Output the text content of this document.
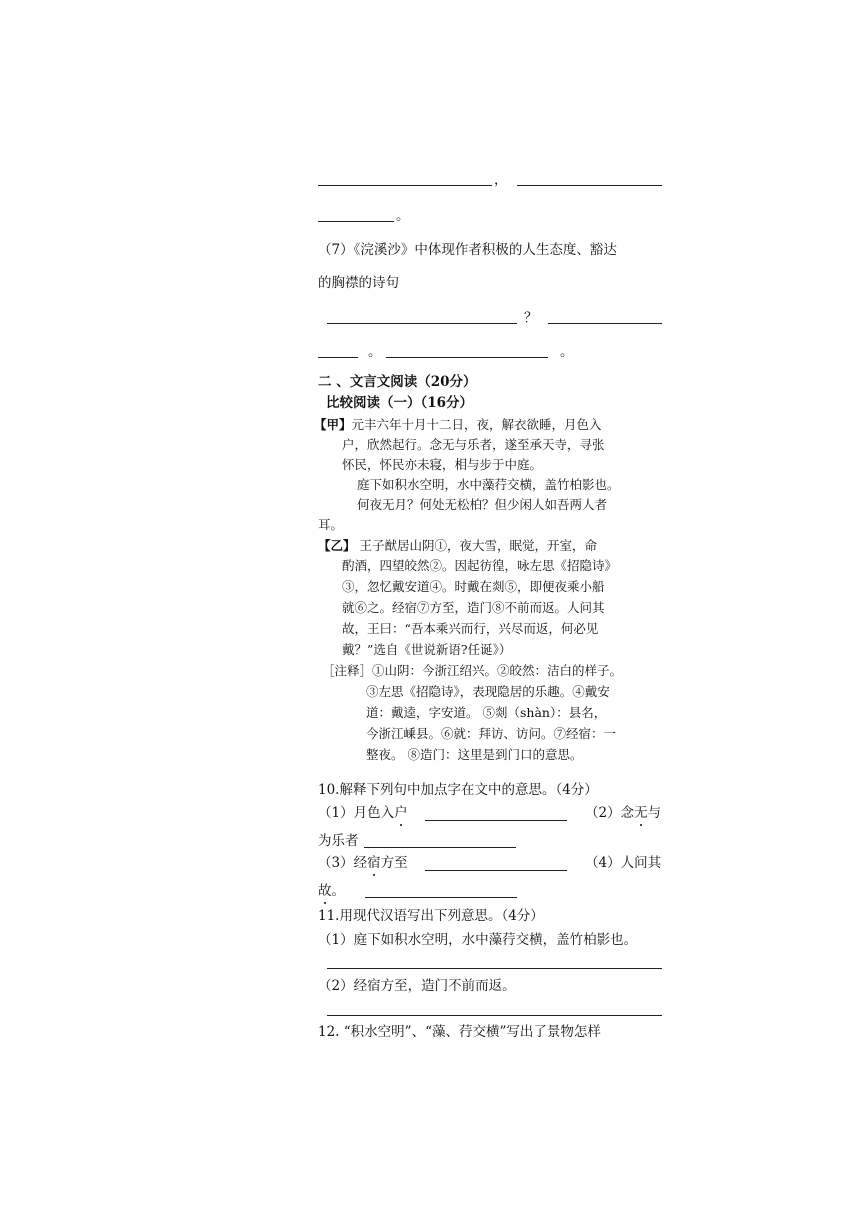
，
。
（7）《浣溪沙》中体现作者积极的人生态度、豁达
的胸襟的诗句
？
。	。
二 、文言文阅读（20分）
比较阅读（一）（16分）
【甲】元丰六年十月十二日，夜，解衣欲睡，月色入
户，欣然起行。念无与乐者，遂至承天寺，寻张
怀民，怀民亦未寝，相与步于中庭。
庭下如积水空明，水中藻荇交横，盖竹柏影也。
何夜无月？何处无松柏？但少闲人如吾两人者
耳。
【乙】 王子猷居山阴①，夜大雪，眠觉，开室，命
酌酒，四望皎然②。因起彷徨，咏左思《招隐诗》
③，忽忆戴安道④。时戴在剡⑤，即便夜乘小船
就⑥之。经宿⑦方至，造门⑧不前而返。人问其
故，王曰：“吾本乘兴而行，兴尽而返，何必见
戴？”选自《世说新语?任诞》）
［注释］①山阴：今浙江绍兴。②皎然：洁白的样子。
③左思《招隐诗》，表现隐居的乐趣。④戴安
道：戴逵，字安道。 ⑤剡（shàn）：县名，
今浙江嵊县。⑥就：拜访、访问。⑦经宿：一
整夜。 ⑧造门：这里是到门口的意思。
10.解释下列句中加点字在文中的意思。（4分）
（1）月色入户	（2）念无与
为乐者
（3）经宿方至	（4）人问其
故。
11.用现代汉语写出下列意思。（4分）
（1）庭下如积水空明，水中藻荇交横，盖竹柏影也。
（2）经宿方至，造门不前而返。
12. “积水空明”、“藻、荇交横”写出了景物怎样
